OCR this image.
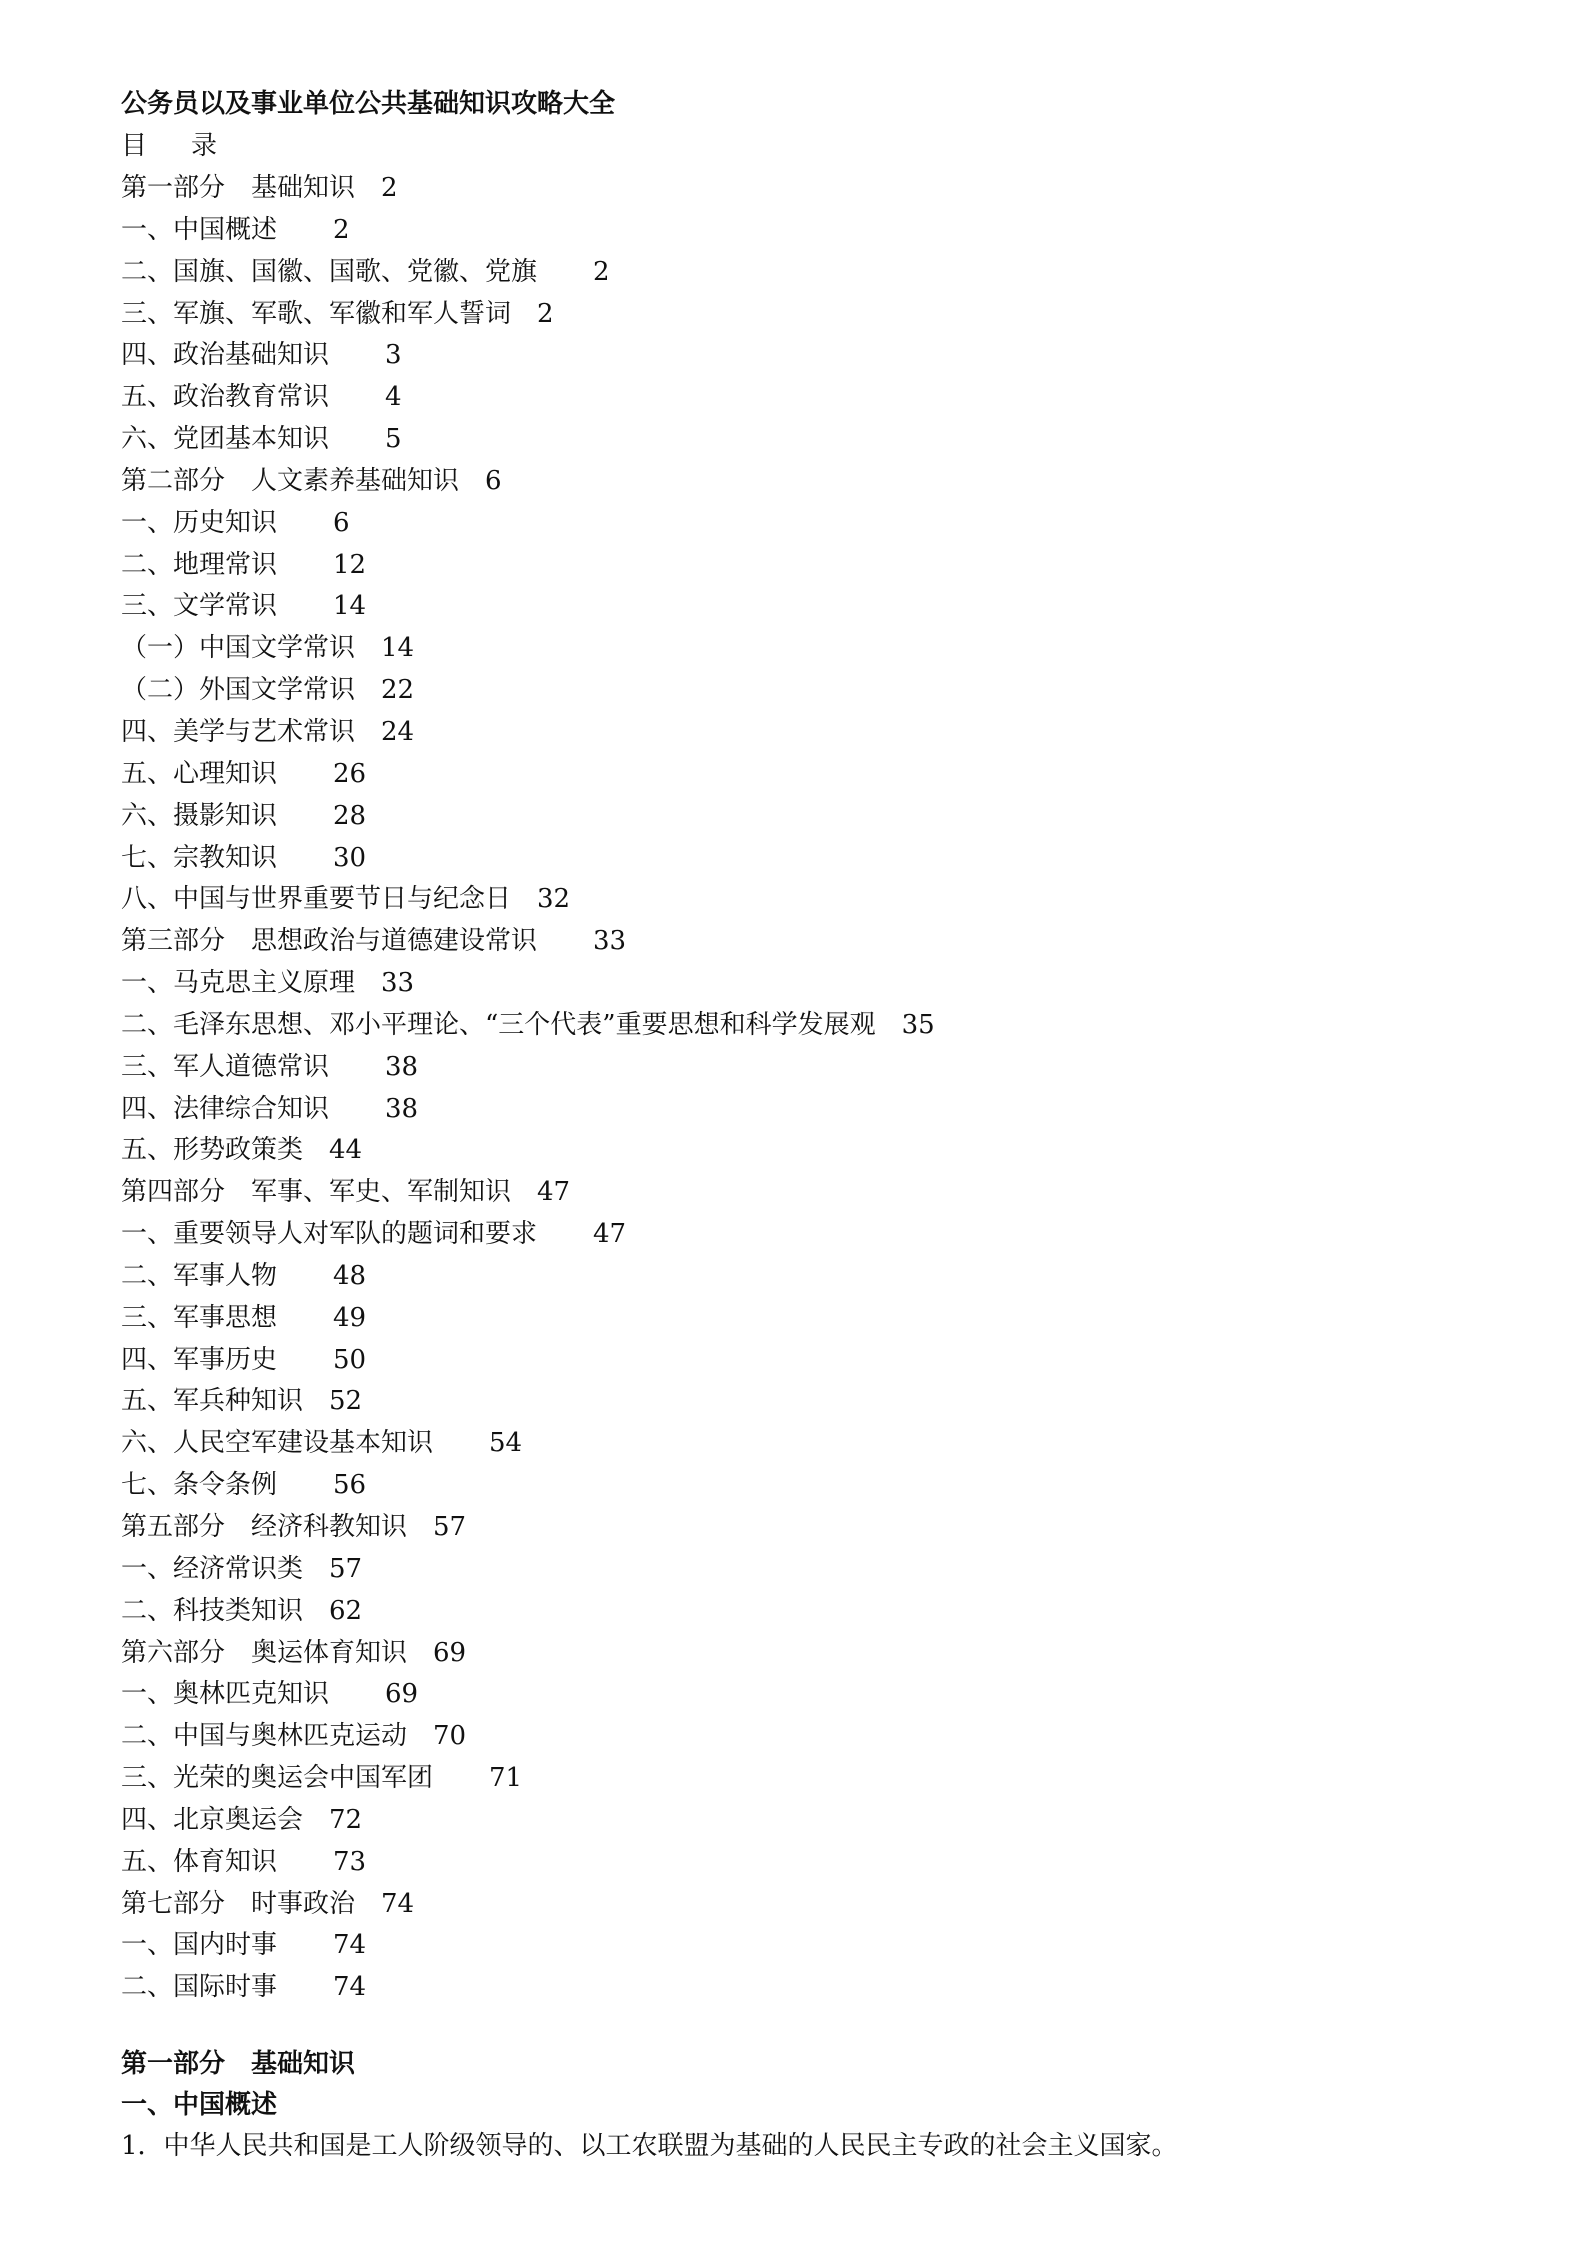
公务员以及事业单位公共基础知识攻略大全
目 录
第一部分　基础知识 2
一、中国概述 2
二、国旗、国徽、国歌、党徽、党旗 2
三、军旗、军歌、军徽和军人誓词 2
四、政治基础知识 3
五、政治教育常识 4
六、党团基本知识 5
第二部分　人文素养基础知识 6
一、历史知识 6
二、地理常识 12
三、文学常识 14
（一）中国文学常识 14
（二）外国文学常识 22
四、美学与艺术常识 24
五、心理知识 26
六、摄影知识 28
七、宗教知识 30
八、中国与世界重要节日与纪念日 32
第三部分　思想政治与道德建设常识 33
一、马克思主义原理 33
二、毛泽东思想、邓小平理论、“三个代表”重要思想和科学发展观 35
三、军人道德常识 38
四、法律综合知识 38
五、形势政策类 44
第四部分　军事、军史、军制知识 47
一、重要领导人对军队的题词和要求 47
二、军事人物 48
三、军事思想 49
四、军事历史 50
五、军兵种知识 52
六、人民空军建设基本知识 54
七、条令条例 56
第五部分　经济科教知识 57
一、经济常识类 57
二、科技类知识 62
第六部分　奥运体育知识 69
一、奥林匹克知识 69
二、中国与奥林匹克运动 70
三、光荣的奥运会中国军团 71
四、北京奥运会 72
五、体育知识 73
第七部分　时事政治 74
一、国内时事 74
二、国际时事 74
第一部分 基础知识
一、中国概述
1．中华人民共和国是工人阶级领导的、以工农联盟为基础的人民民主专政的社会主义国家。
